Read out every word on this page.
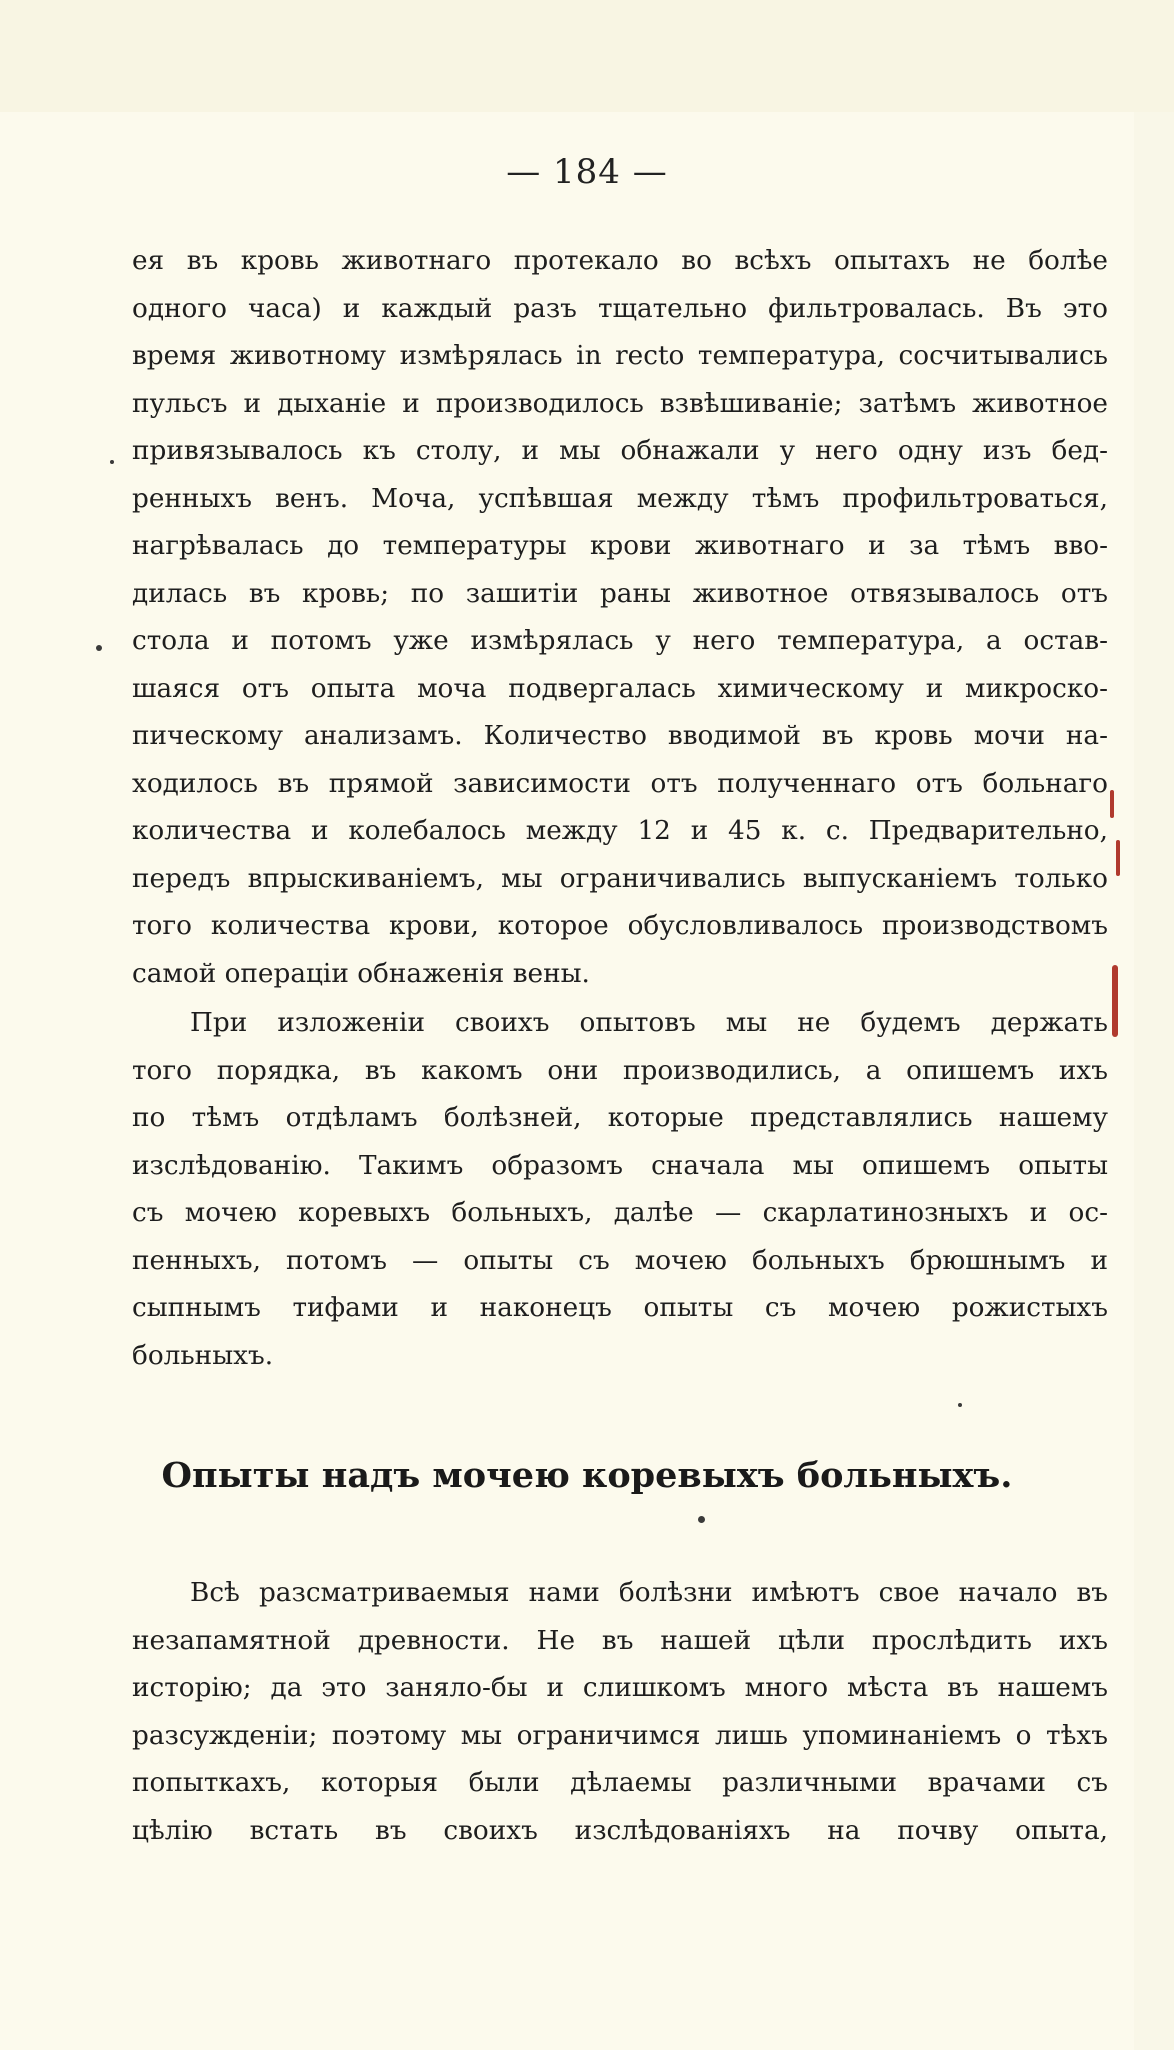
— 184 —
ея въ кровь животнаго протекало во всѣхъ опытахъ не болѣе
одного часа) и каждый разъ тщательно фильтровалась. Въ это
время животному измѣрялась in recto температура, сосчитывались
пульсъ и дыханіе и производилось взвѣшиваніе; затѣмъ животное
привязывалось къ столу, и мы обнажали у него одну изъ бед-
ренныхъ венъ. Моча, успѣвшая между тѣмъ профильтроваться,
нагрѣвалась до температуры крови животнаго и за тѣмъ вво-
дилась въ кровь; по зашитіи раны животное отвязывалось отъ
стола и потомъ уже измѣрялась у него температура, а остав-
шаяся отъ опыта моча подвергалась химическому и микроско-
пическому анализамъ. Количество вводимой въ кровь мочи на-
ходилось въ прямой зависимости отъ полученнаго отъ больнаго
количества и колебалось между 12 и 45 к. с. Предварительно,
передъ впрыскиваніемъ, мы ограничивались выпусканіемъ только
того количества крови, которое обусловливалось производствомъ
самой операціи обнаженія вены.
При изложеніи своихъ опытовъ мы не будемъ держать
того порядка, въ какомъ они производились, а опишемъ ихъ
по тѣмъ отдѣламъ болѣзней, которые представлялись нашему
изслѣдованію. Такимъ образомъ сначала мы опишемъ опыты
съ мочею коревыхъ больныхъ, далѣе — скарлатинозныхъ и ос-
пенныхъ, потомъ — опыты съ мочею больныхъ брюшнымъ и
сыпнымъ тифами и наконецъ опыты съ мочею рожистыхъ
больныхъ.
Опыты надъ мочею коревыхъ больныхъ.
Всѣ разсматриваемыя нами болѣзни имѣютъ свое начало въ
незапамятной древности. Не въ нашей цѣли прослѣдить ихъ
исторію; да это заняло-бы и слишкомъ много мѣста въ нашемъ
разсужденіи; поэтому мы ограничимся лишь упоминаніемъ о тѣхъ
попыткахъ, которыя были дѣлаемы различными врачами съ
цѣлію встать въ своихъ изслѣдованіяхъ на почву опыта,
